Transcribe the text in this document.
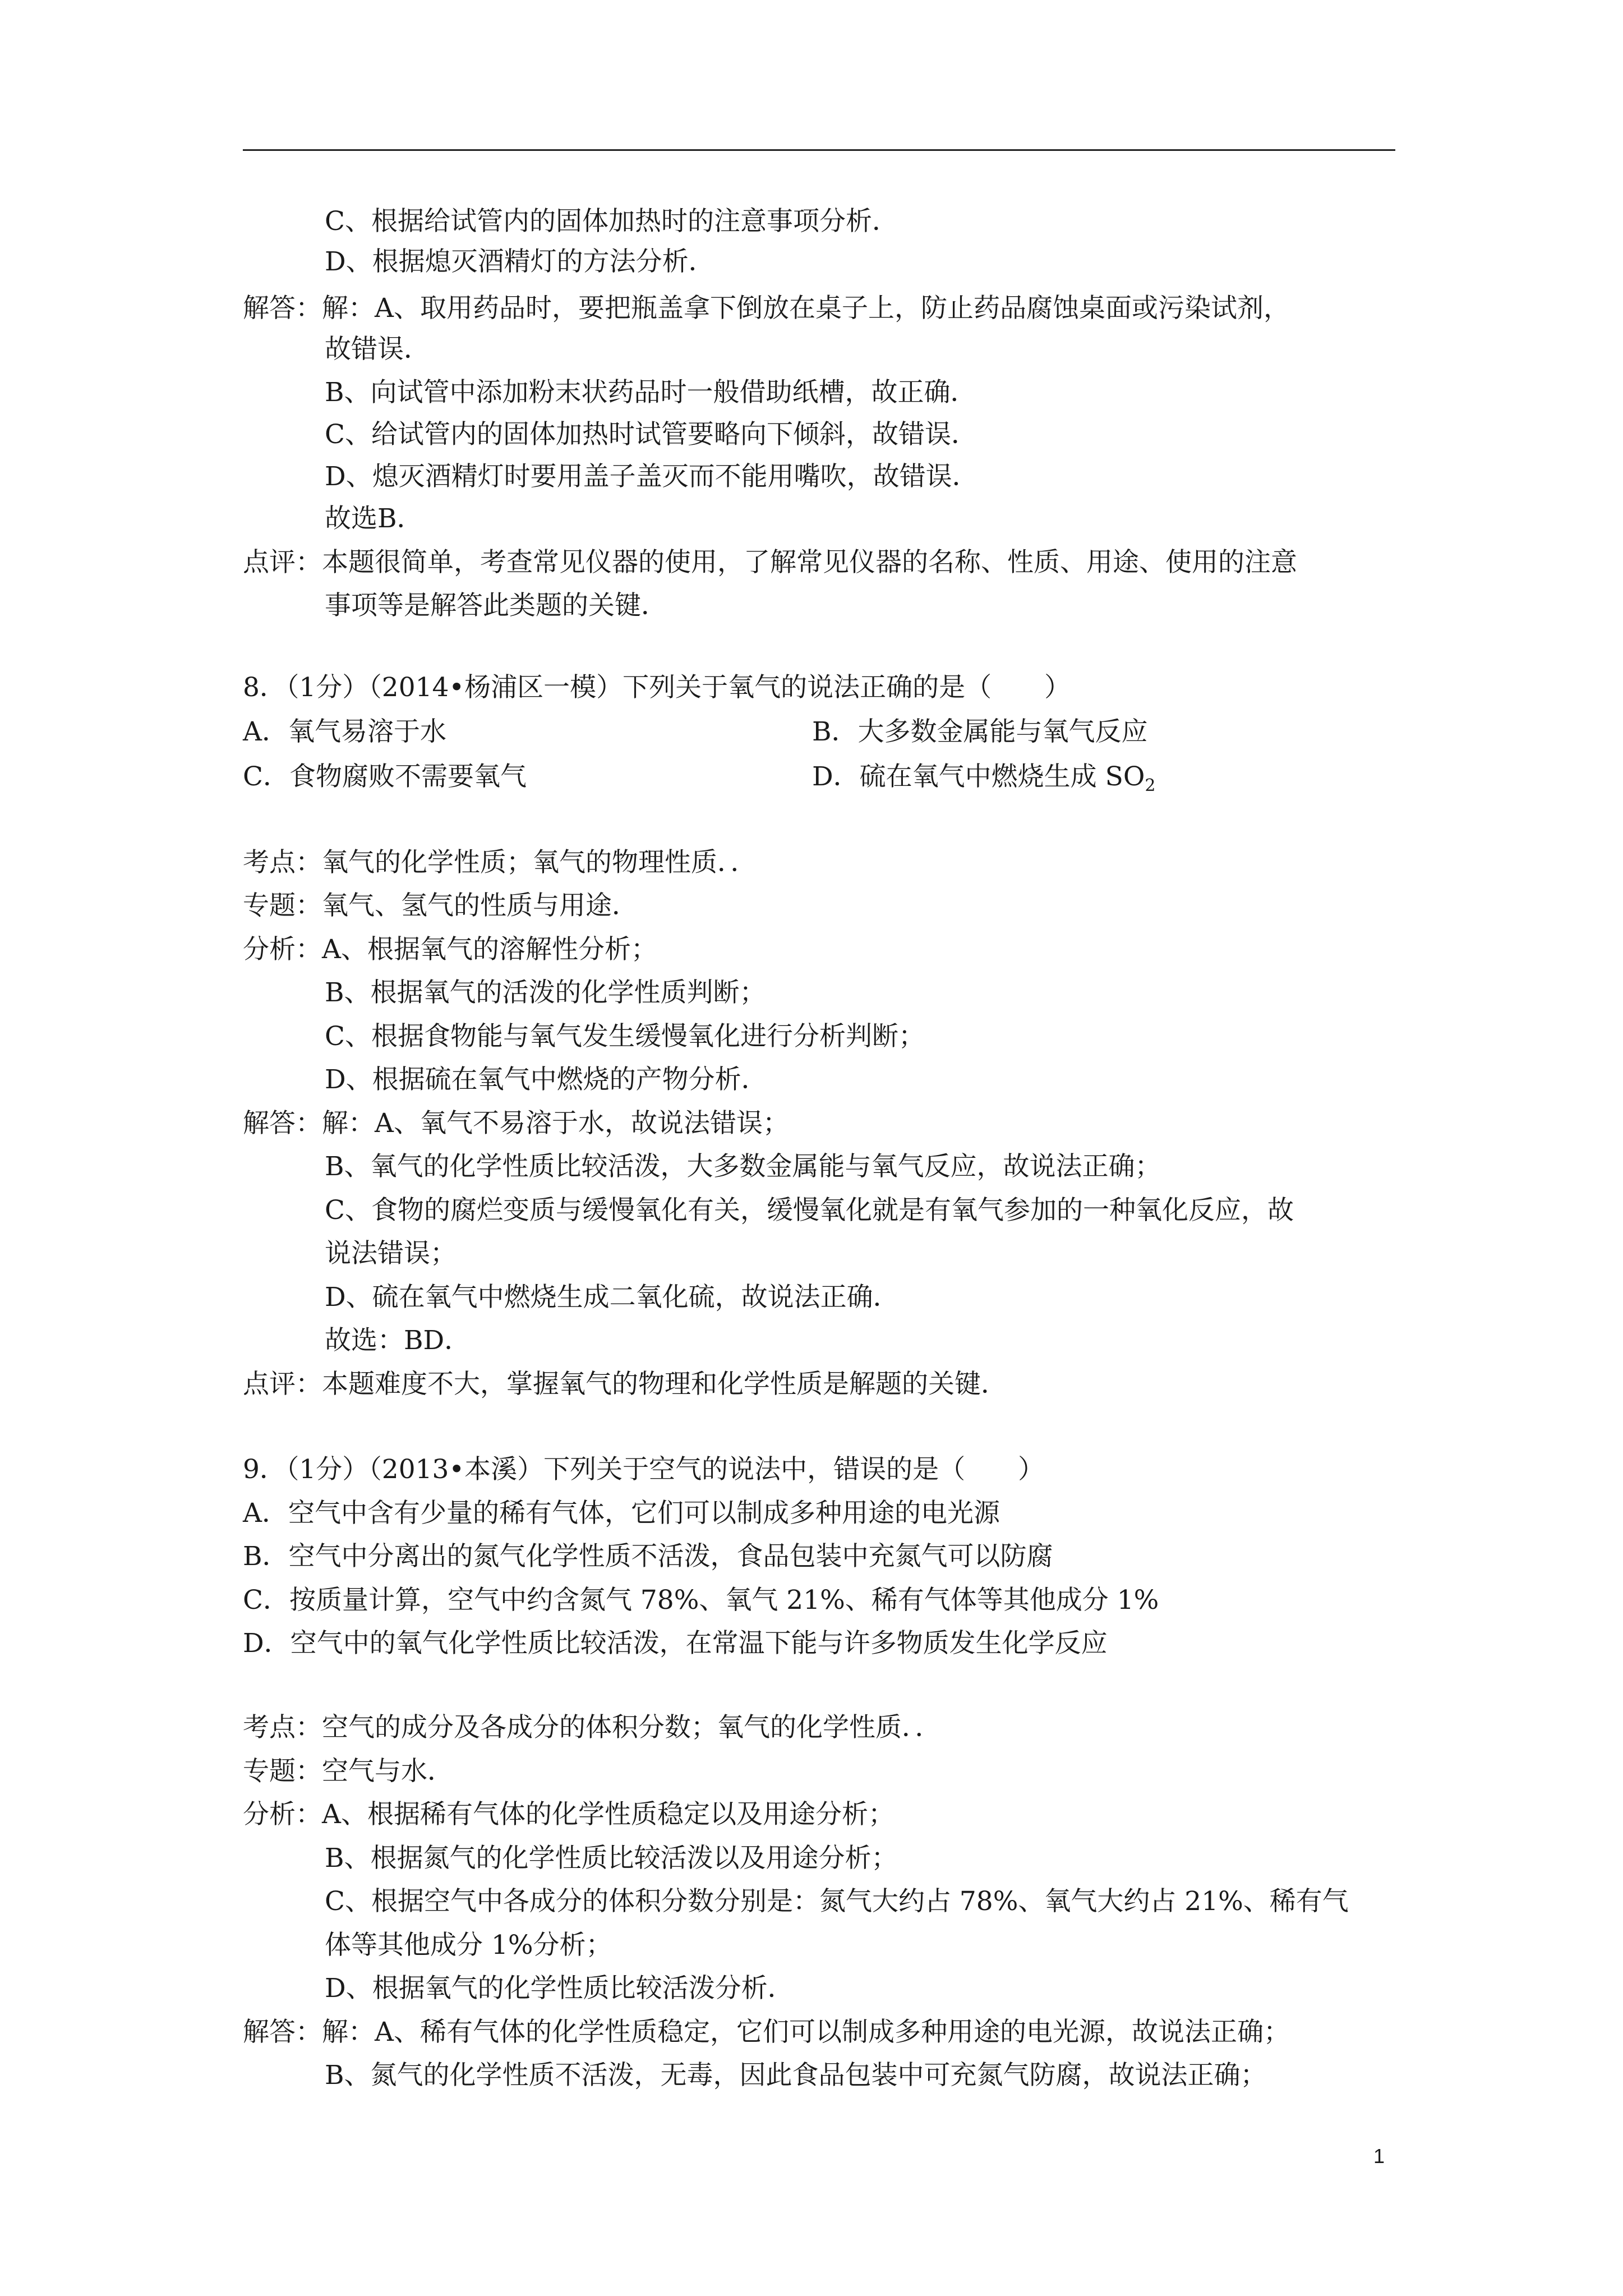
C、根据给试管内的固体加热时的注意事项分析．
D、根据熄灭酒精灯的方法分析．
解答：解：A、取用药品时，要把瓶盖拿下倒放在桌子上，防止药品腐蚀桌面或污染试剂，
故错误．
B、向试管中添加粉末状药品时一般借助纸槽，故正确．
C、给试管内的固体加热时试管要略向下倾斜，故错误．
D、熄灭酒精灯时要用盖子盖灭而不能用嘴吹，故错误．
故选B．
点评：本题很简单，考查常见仪器的使用，了解常见仪器的名称、性质、用途、使用的注意
事项等是解答此类题的关键．
8．（1分）（2014•杨浦区一模）下列关于氧气的说法正确的是（　　）
A．氧气易溶于水	B．大多数金属能与氧气反应
C．食物腐败不需要氧气	D．硫在氧气中燃烧生成 $SO_2$
考点：氧气的化学性质；氧气的物理性质．．
专题：氧气、氢气的性质与用途．
分析：A、根据氧气的溶解性分析；
B、根据氧气的活泼的化学性质判断；
C、根据食物能与氧气发生缓慢氧化进行分析判断；
D、根据硫在氧气中燃烧的产物分析．
解答：解：A、氧气不易溶于水，故说法错误；
B、氧气的化学性质比较活泼，大多数金属能与氧气反应，故说法正确；
C、食物的腐烂变质与缓慢氧化有关，缓慢氧化就是有氧气参加的一种氧化反应，故
说法错误；
D、硫在氧气中燃烧生成二氧化硫，故说法正确．
故选：BD．
点评：本题难度不大，掌握氧气的物理和化学性质是解题的关键．
9．（1分）（2013•本溪）下列关于空气的说法中，错误的是（　　）
A．空气中含有少量的稀有气体，它们可以制成多种用途的电光源
B．空气中分离出的氮气化学性质不活泼，食品包装中充氮气可以防腐
C．按质量计算，空气中约含氮气 78%、氧气 21%、稀有气体等其他成分 1%
D．空气中的氧气化学性质比较活泼，在常温下能与许多物质发生化学反应
考点：空气的成分及各成分的体积分数；氧气的化学性质．．
专题：空气与水．
分析：A、根据稀有气体的化学性质稳定以及用途分析；
B、根据氮气的化学性质比较活泼以及用途分析；
C、根据空气中各成分的体积分数分别是：氮气大约占 78%、氧气大约占 21%、稀有气
体等其他成分 1%分析；
D、根据氧气的化学性质比较活泼分析．
解答：解：A、稀有气体的化学性质稳定，它们可以制成多种用途的电光源，故说法正确；
B、氮气的化学性质不活泼，无毒，因此食品包装中可充氮气防腐，故说法正确；
1
